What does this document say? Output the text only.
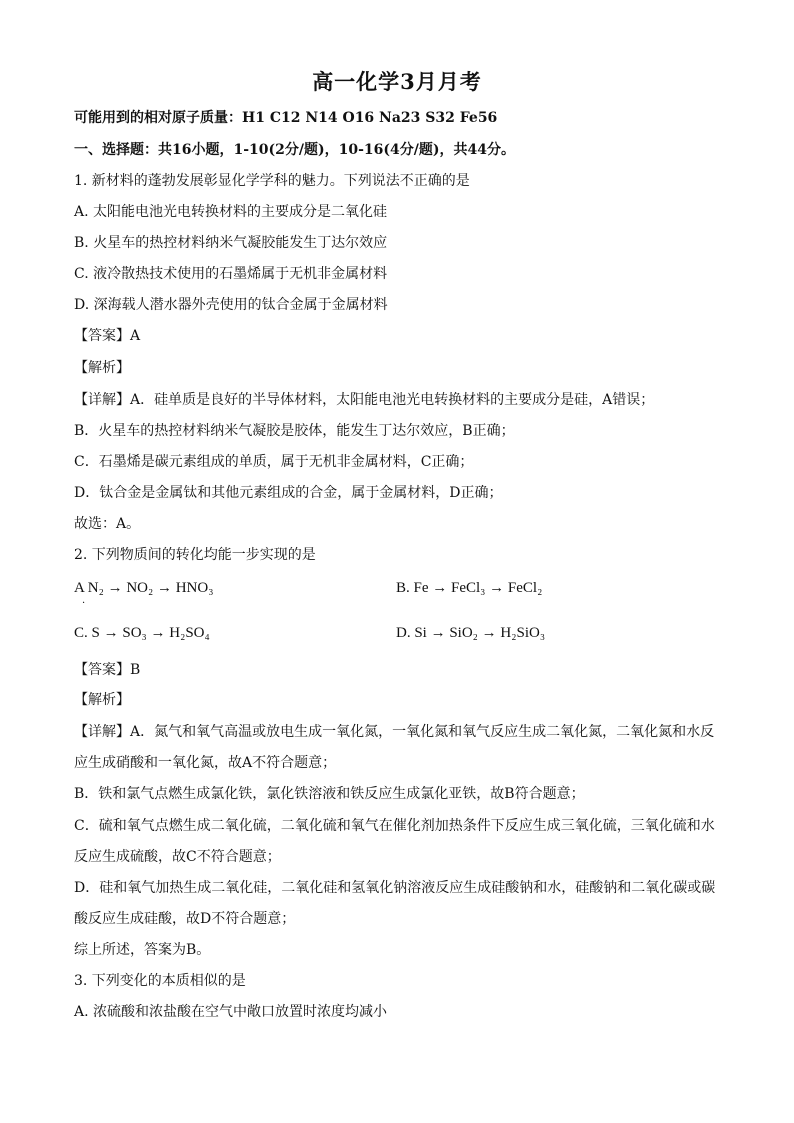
高一化学3月月考
可能用到的相对原子质量：H1 C12 N14 O16 Na23 S32 Fe56
一、选择题：共16小题，1-10(2分/题)，10-16(4分/题)，共44分。
1. 新材料的蓬勃发展彰显化学学科的魅力。下列说法不正确的是
A. 太阳能电池光电转换材料的主要成分是二氧化硅
B. 火星车的热控材料纳米气凝胶能发生丁达尔效应
C. 液冷散热技术使用的石墨烯属于无机非金属材料
D. 深海载人潜水器外壳使用的钛合金属于金属材料
【答案】A
【解析】
【详解】A．硅单质是良好的半导体材料，太阳能电池光电转换材料的主要成分是硅，A错误；
B．火星车的热控材料纳米气凝胶是胶体，能发生丁达尔效应，B正确；
C．石墨烯是碳元素组成的单质，属于无机非金属材料，C正确；
D．钛合金是金属钛和其他元素组成的合金，属于金属材料，D正确；
故选：A。
2. 下列物质间的转化均能一步实现的是
A N₂ → NO₂ → HNO₃
·
B. Fe → FeCl₃ → FeCl₂
C. S → SO₃ → H₂SO₄	D. Si → SiO₂ → H₂SiO₃
【答案】B
【解析】
【详解】A．氮气和氧气高温或放电生成一氧化氮，一氧化氮和氧气反应生成二氧化氮，二氧化氮和水反
应生成硝酸和一氧化氮，故A不符合题意；
B．铁和氯气点燃生成氯化铁，氯化铁溶液和铁反应生成氯化亚铁，故B符合题意；
C．硫和氧气点燃生成二氧化硫，二氧化硫和氧气在催化剂加热条件下反应生成三氧化硫，三氧化硫和水
反应生成硫酸，故C不符合题意；
D．硅和氧气加热生成二氧化硅，二氧化硅和氢氧化钠溶液反应生成硅酸钠和水，硅酸钠和二氧化碳或碳
酸反应生成硅酸，故D不符合题意；
综上所述，答案为B。
3. 下列变化的本质相似的是
A. 浓硫酸和浓盐酸在空气中敞口放置时浓度均减小
